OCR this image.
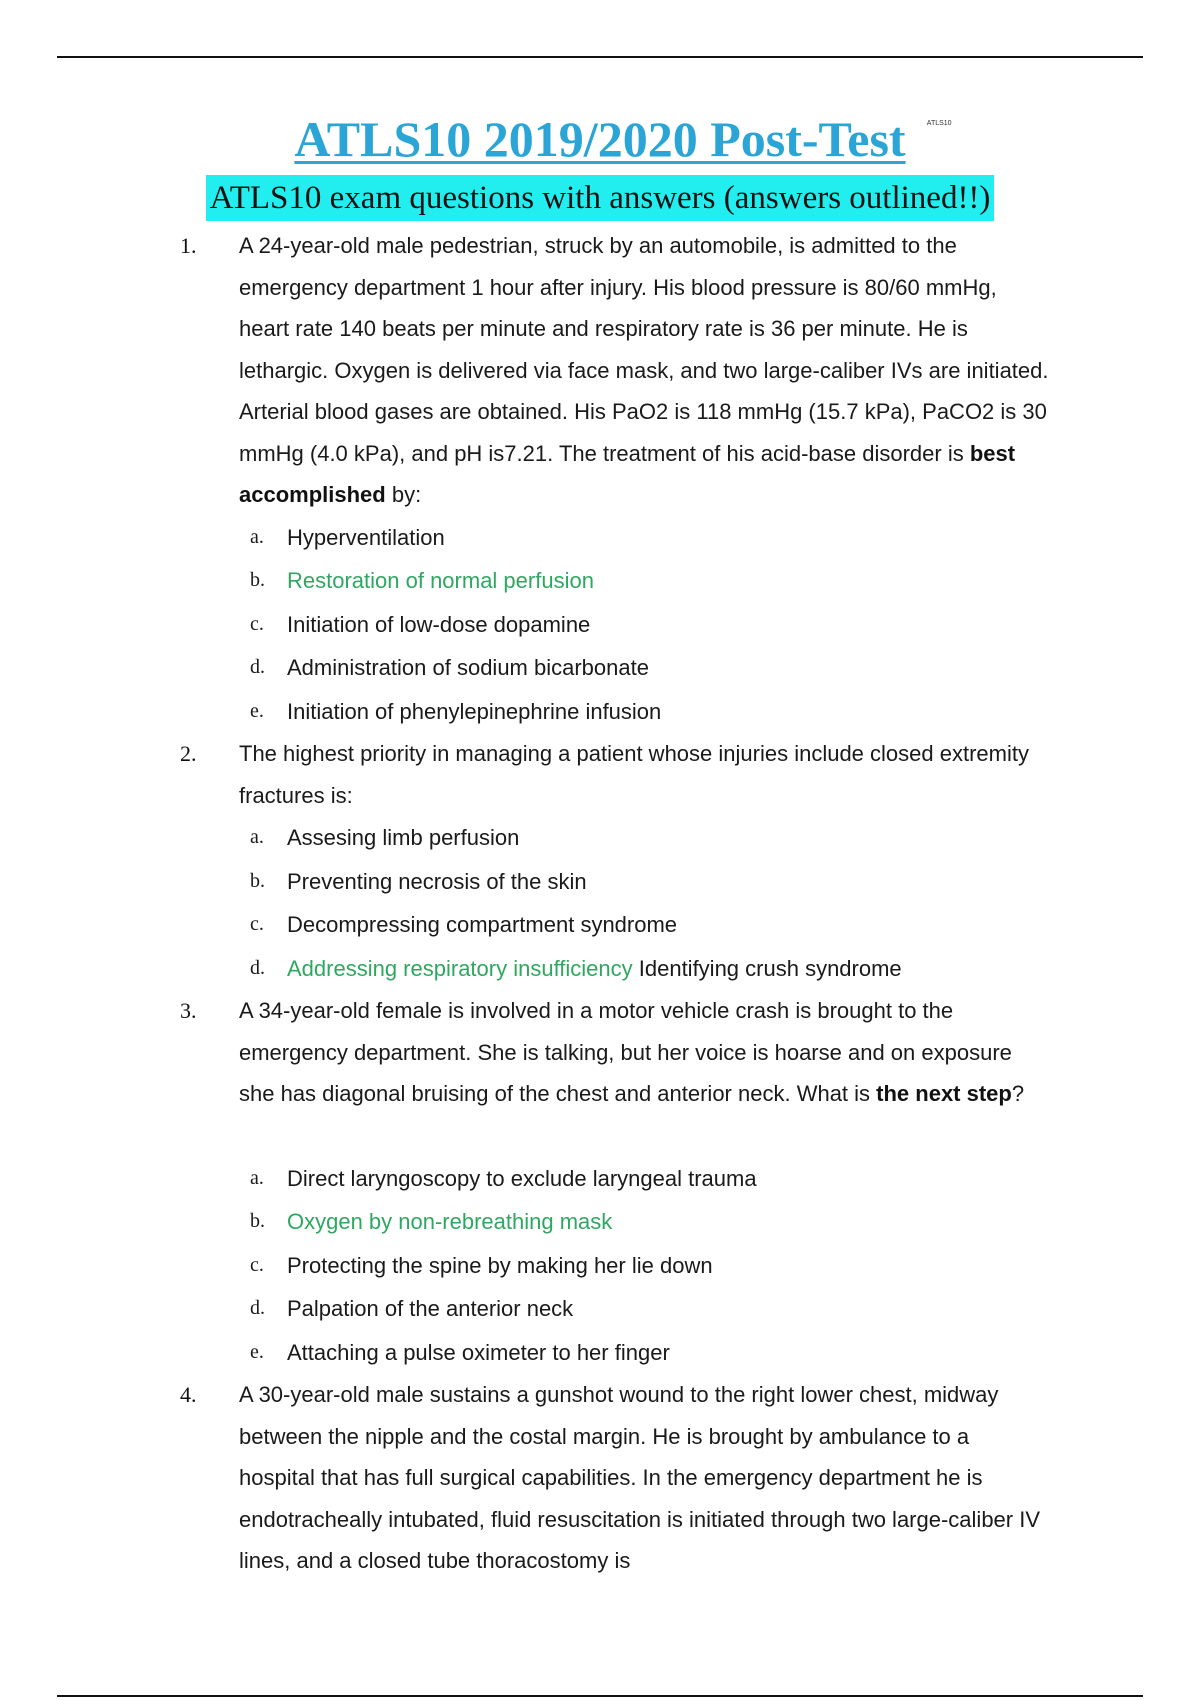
ATLS10 2019/2020 Post-Test	ATLS10
ATLS10 exam questions with answers (answers outlined!!)
1. A 24-year-old male pedestrian, struck by an automobile, is admitted to the emergency department 1 hour after injury. His blood pressure is 80/60 mmHg, heart rate 140 beats per minute and respiratory rate is 36 per minute. He is lethargic. Oxygen is delivered via face mask, and two large-caliber IVs are initiated. Arterial blood gases are obtained. His PaO2 is 118 mmHg (15.7 kPa), PaCO2 is 30 mmHg (4.0 kPa), and pH is7.21. The treatment of his acid-base disorder is best accomplished by:
a. Hyperventilation
b. Restoration of normal perfusion
c. Initiation of low-dose dopamine
d. Administration of sodium bicarbonate
e. Initiation of phenylepinephrine infusion
2. The highest priority in managing a patient whose injuries include closed extremity fractures is:
a. Assesing limb perfusion
b. Preventing necrosis of the skin
c. Decompressing compartment syndrome
d. Addressing respiratory insufficiency Identifying crush syndrome
3. A 34-year-old female is involved in a motor vehicle crash is brought to the emergency department. She is talking, but her voice is hoarse and on exposure she has diagonal bruising of the chest and anterior neck. What is the next step?
a. Direct laryngoscopy to exclude laryngeal trauma
b. Oxygen by non-rebreathing mask
c. Protecting the spine by making her lie down
d. Palpation of the anterior neck
e. Attaching a pulse oximeter to her finger
4. A 30-year-old male sustains a gunshot wound to the right lower chest, midway between the nipple and the costal margin. He is brought by ambulance to a hospital that has full surgical capabilities. In the emergency department he is endotracheally intubated, fluid resuscitation is initiated through two large-caliber IV lines, and a closed tube thoracostomy is
